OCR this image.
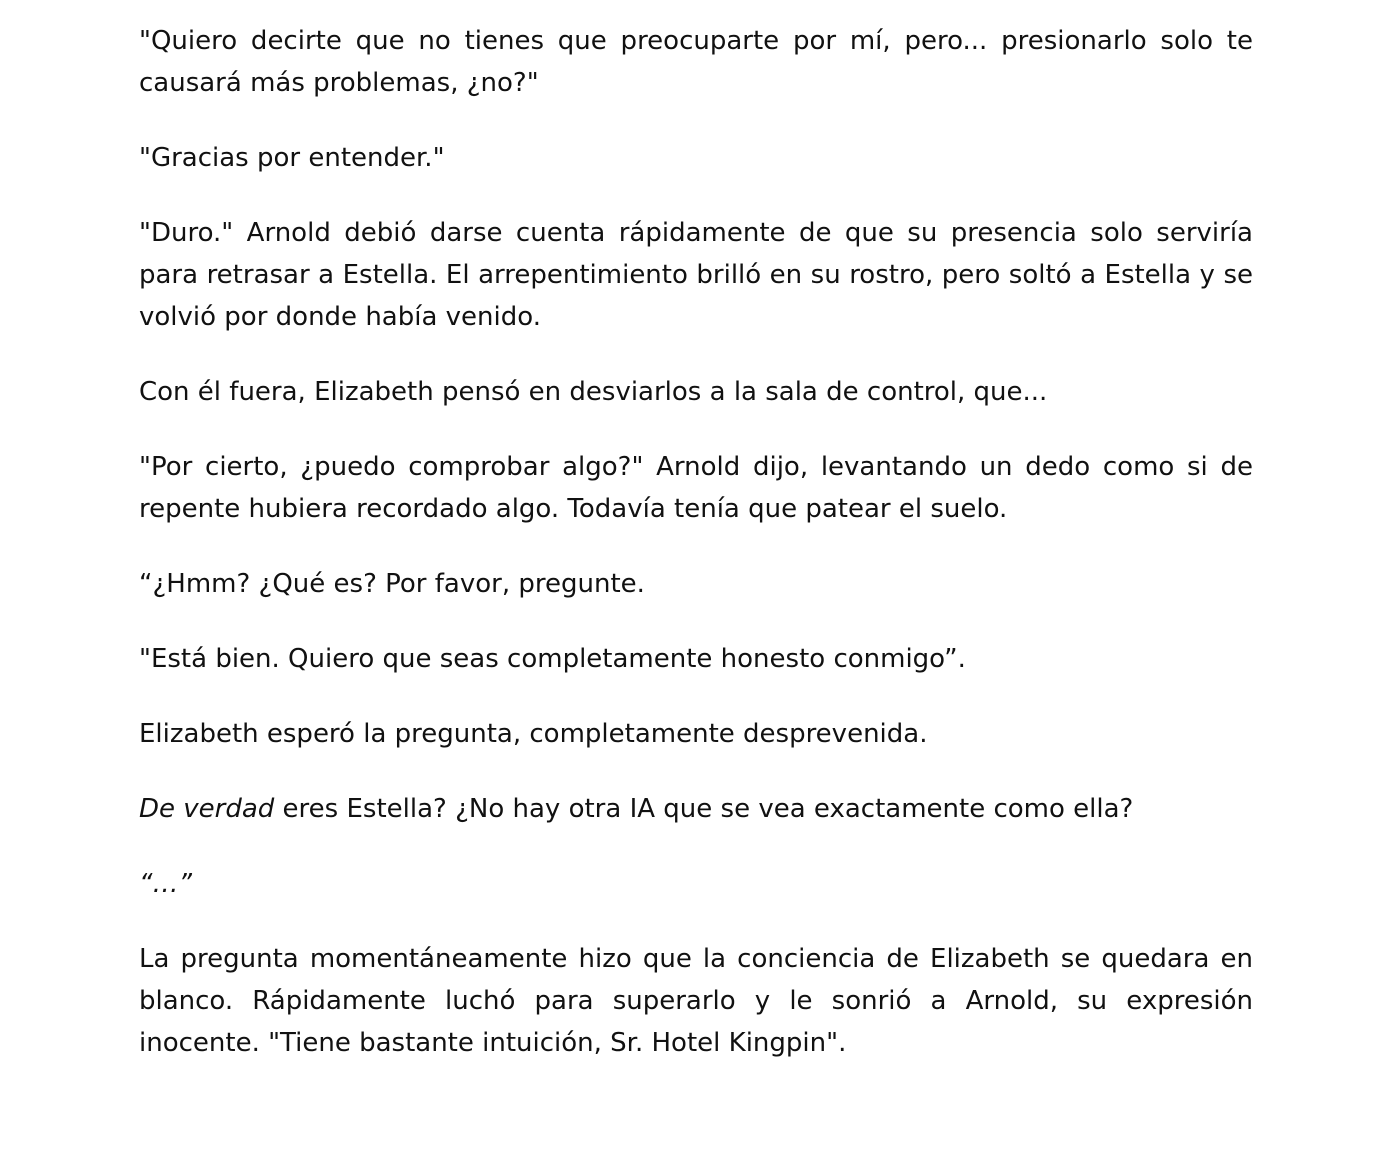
"Quiero decirte que no tienes que preocuparte por mí, pero... presionarlo solo te causará más problemas, ¿no?"

"Gracias por entender."

"Duro." Arnold debió darse cuenta rápidamente de que su presencia solo serviría para retrasar a Estella. El arrepentimiento brilló en su rostro, pero soltó a Estella y se volvió por donde había venido.

Con él fuera, Elizabeth pensó en desviarlos a la sala de control, que...

"Por cierto, ¿puedo comprobar algo?" Arnold dijo, levantando un dedo como si de repente hubiera recordado algo. Todavía tenía que patear el suelo.

“¿Hmm? ¿Qué es? Por favor, pregunte.

"Está bien. Quiero que seas completamente honesto conmigo”.

Elizabeth esperó la pregunta, completamente desprevenida.

De verdad eres Estella? ¿No hay otra IA que se vea exactamente como ella?

“…”

La pregunta momentáneamente hizo que la conciencia de Elizabeth se quedara en blanco. Rápidamente luchó para superarlo y le sonrió a Arnold, su expresión inocente. "Tiene bastante intuición, Sr. Hotel Kingpin".
